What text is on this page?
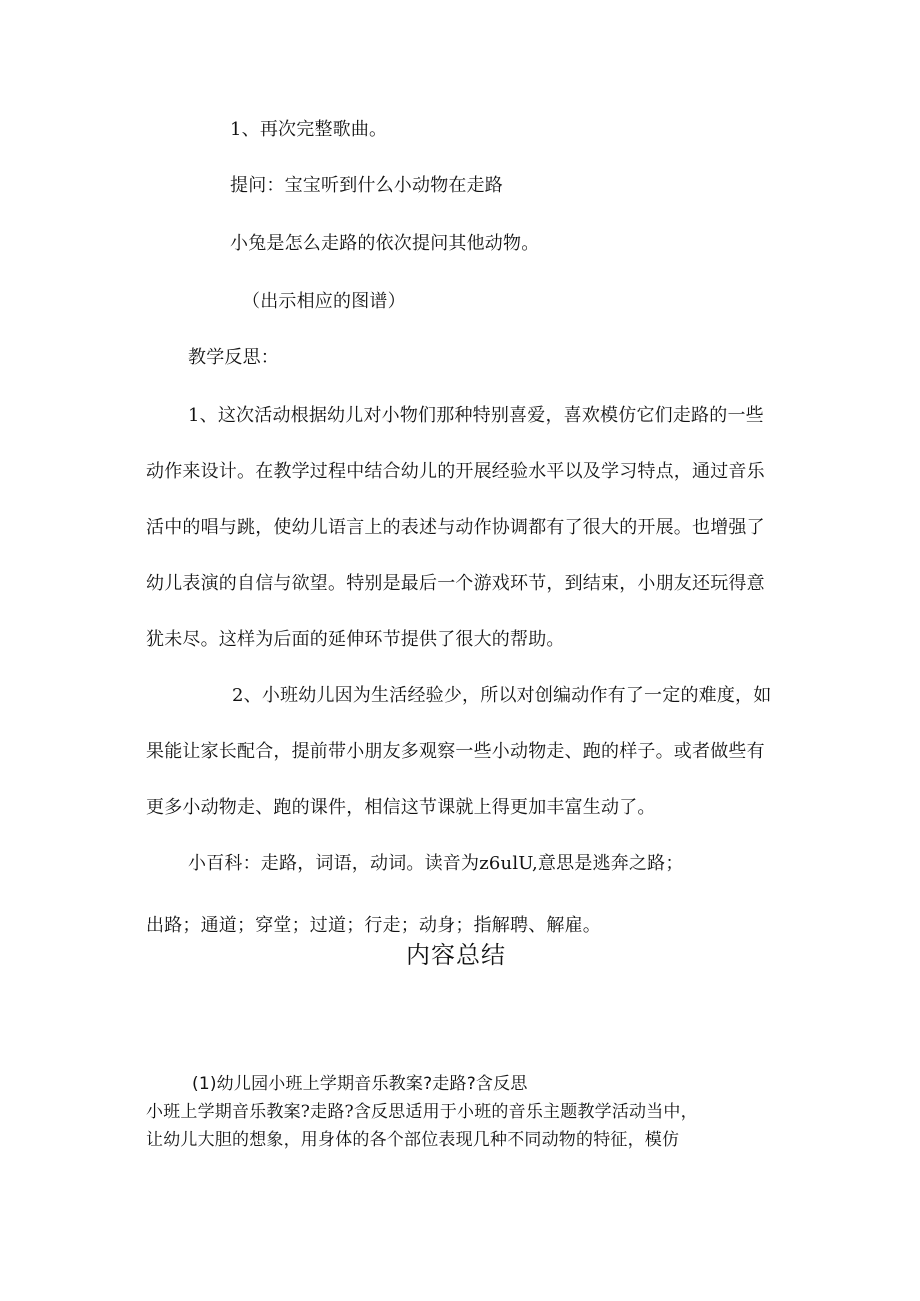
1、再次完整歌曲。
提问：宝宝听到什么小动物在走路
小兔是怎么走路的依次提问其他动物。
（出示相应的图谱）
教学反思：
1、这次活动根据幼儿对小物们那种特别喜爱，喜欢模仿它们走路的一些
动作来设计。在教学过程中结合幼儿的开展经验水平以及学习特点，通过音乐
活中的唱与跳，使幼儿语言上的表述与动作协调都有了很大的开展。也增强了
幼儿表演的自信与欲望。特别是最后一个游戏环节，到结束，小朋友还玩得意
犹未尽。这样为后面的延伸环节提供了很大的帮助。
2、小班幼儿因为生活经验少，所以对创编动作有了一定的难度，如
果能让家长配合，提前带小朋友多观察一些小动物走、跑的样子。或者做些有
更多小动物走、跑的课件，相信这节课就上得更加丰富生动了。
小百科：走路，词语，动词。读音为z6ulU,意思是逃奔之路；
出路；通道；穿堂；过道；行走；动身；指解聘、解雇。
内容总结
(1)幼儿园小班上学期音乐教案?走路?含反思
小班上学期音乐教案?走路?含反思适用于小班的音乐主题教学活动当中，
让幼儿大胆的想象，用身体的各个部位表现几种不同动物的特征，模仿
